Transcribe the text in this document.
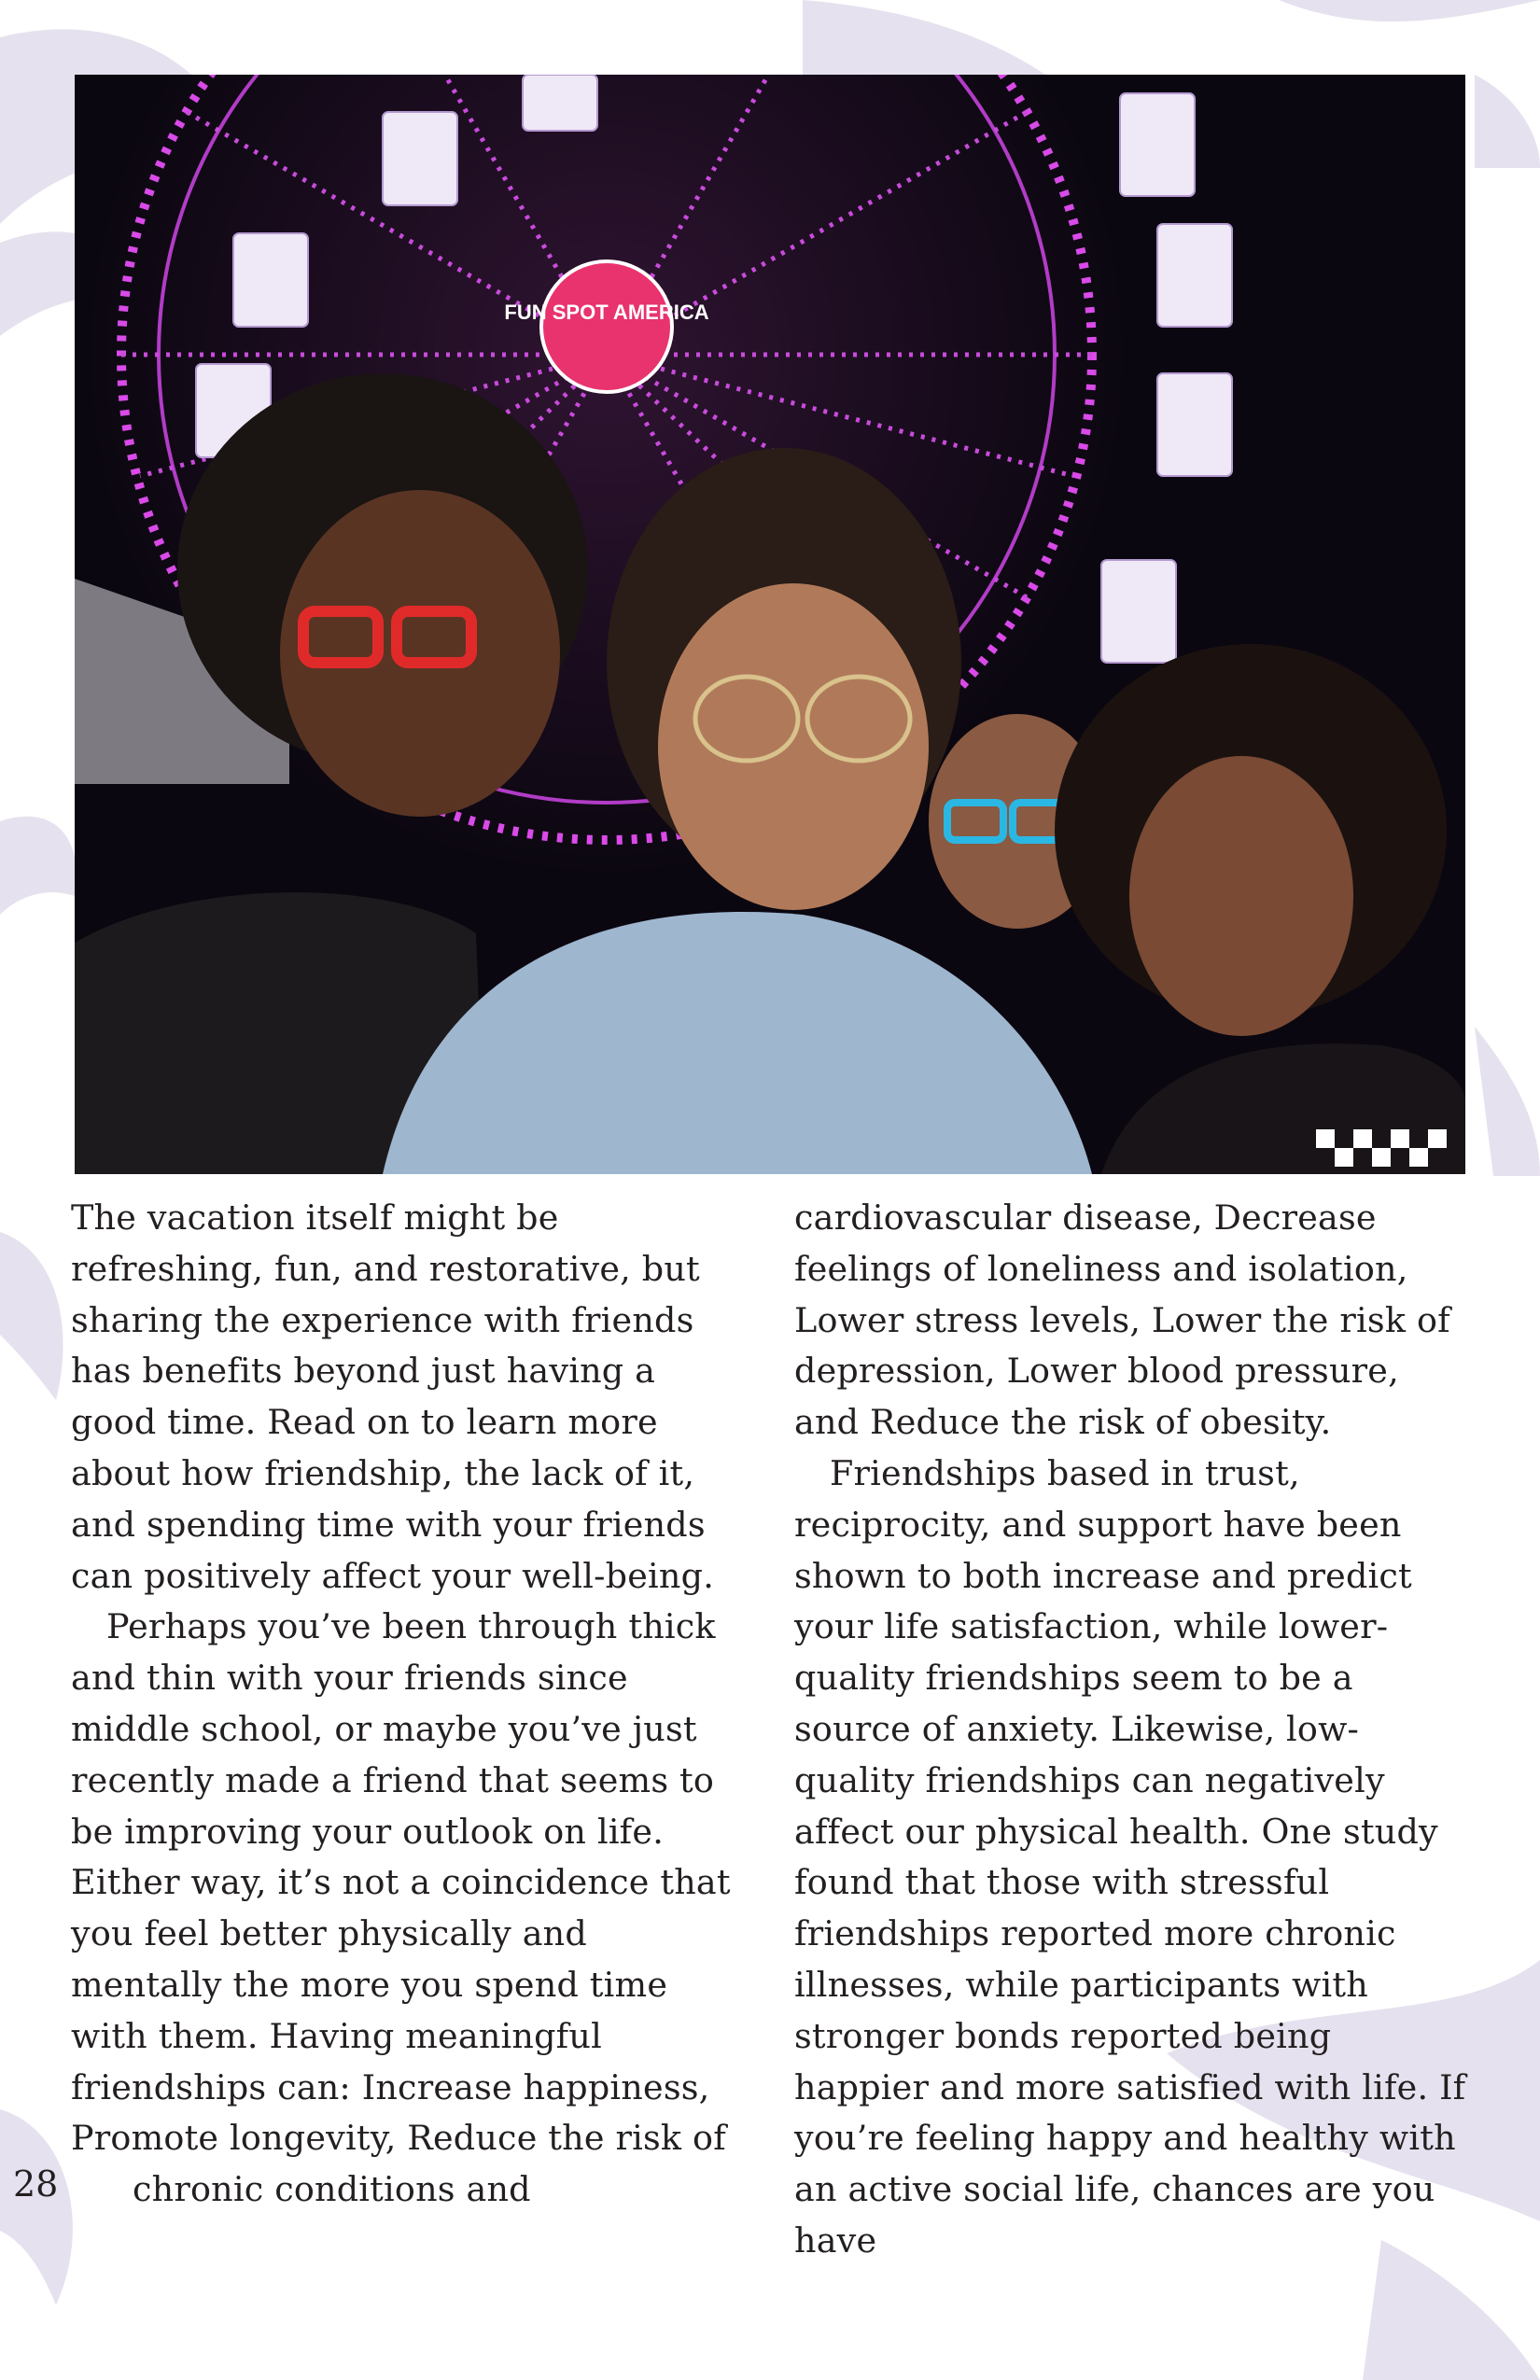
FUN SPOT AMERICA

The vacation itself might be refreshing, fun, and restorative, but sharing the experience with friends has benefits beyond just having a good time. Read on to learn more about how friendship, the lack of it, and spending time with your friends can positively affect your well-being.

Perhaps you’ve been through thick and thin with your friends since middle school, or maybe you’ve just recently made a friend that seems to be improving your outlook on life. Either way, it’s not a coincidence that you feel better physically and mentally the more you spend time with them. Having meaningful friendships can: Increase happiness, Promote longevity, Reduce the risk of

chronic conditions and

cardiovascular disease, Decrease feelings of loneliness and isolation, Lower stress levels, Lower the risk of depression, Lower blood pressure, and Reduce the risk of obesity.

Friendships based in trust, reciprocity, and support have been shown to both increase and predict your life satisfaction, while lower-quality friendships seem to be a source of anxiety. Likewise, low-quality friendships can negatively affect our physical health. One study found that those with stressful friendships reported more chronic illnesses, while participants with stronger bonds reported being happier and more satisfied with life. If you’re feeling happy and healthy with an active social life, chances are you have

28
